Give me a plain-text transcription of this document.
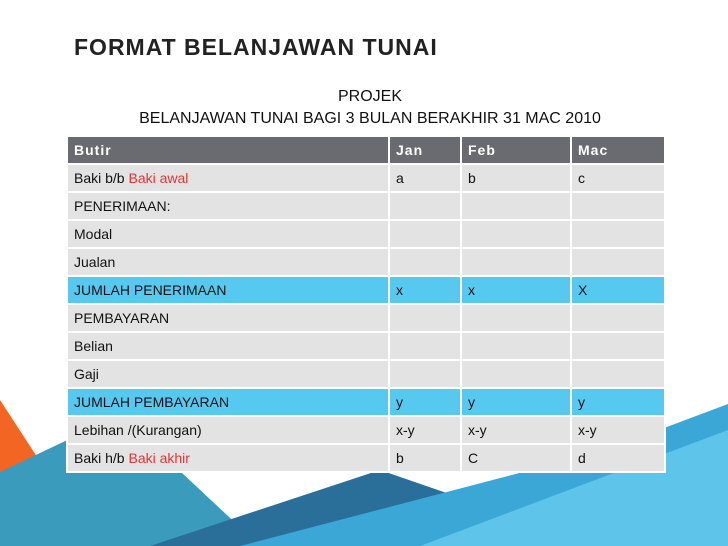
FORMAT BELANJAWAN TUNAI
PROJEK
BELANJAWAN TUNAI BAGI 3 BULAN BERAKHIR 31 MAC 2010
Butir	Jan	Feb	Mac
Baki b/b Baki awal	a	b	c
PENERIMAAN:			
Modal			
Jualan			
JUMLAH PENERIMAAN	x	x	X
PEMBAYARAN			
Belian			
Gaji			
JUMLAH PEMBAYARAN	y	y	y
Lebihan /(Kurangan)	x-y	x-y	x-y
Baki h/b Baki akhir	b	C	d
